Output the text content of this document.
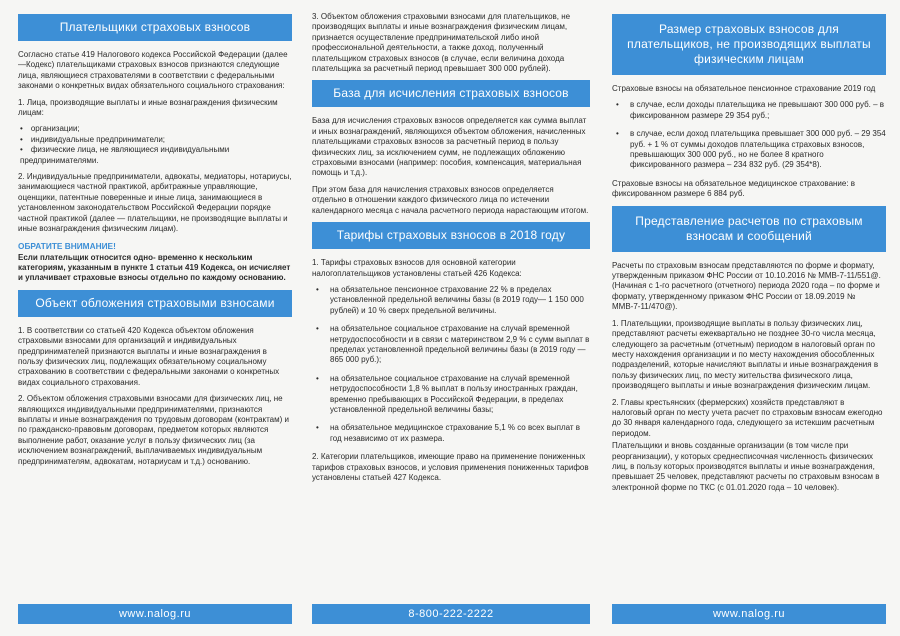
Плательщики страховых взносов

Согласно статье 419 Налогового кодекса Российской Федерации (далее—Кодекс) плательщиками страховых взносов признаются следующие лица, являющиеся страхователями в соответствии с федеральными законами о конкретных видах обязательного социального страхования:

1. Лица, производящие выплаты и иные вознаграждения физическим лицам:

• организации;
• индивидуальные предприниматели;
• физические лица, не являющиеся индивидуальными предпринимателями.

2. Индивидуальные предприниматели, адвокаты, медиаторы, нотариусы, занимающиеся частной практикой, арбитражные управляющие, оценщики, патентные поверенные и иные лица, занимающиеся в установленном законодательством Российской Федерации порядке частной практикой (далее — плательщики, не производящие выплаты и иные вознаграждения физическим лицам).

ОБРАТИТЕ ВНИМАНИЕ!

Если плательщик относится одно- временно к нескольким категориям, указанным в пункте 1 статьи 419 Кодекса, он исчисляет и уплачивает страховые взносы отдельно по каждому основанию.

Объект обложения страховыми взносами

1. В соответствии со статьей 420 Кодекса объектом обложения страховыми взносами для организаций и индивидуальных предпринимателей признаются выплаты и иные вознаграждения в пользу физических лиц, подлежащих обязательному социальному страхованию в соответствии с федеральными законами о конкретных видах социального страхования.

2. Объектом обложения страховыми взносами для физических лиц, не являющихся индивидуальными предпринимателями, признаются выплаты и иные вознаграждения по трудовым договорам (контрактам) и по гражданско-правовым договорам, предметом которых являются выполнение работ, оказание услуг в пользу физических лиц (за исключением вознаграждений, выплачиваемых индивидуальным предпринимателям, адвокатам, нотариусам и т.д.) основанию.

www.nalog.ru

3. Объектом обложения страховыми взносами для плательщиков, не производящих выплаты и иные вознаграждения физическим лицам, признается осуществление предпринимательской либо иной профессиональной деятельности, а также доход, полученный плательщиком страховых взносов (в случае, если величина дохода плательщика за расчетный период превышает 300 000 рублей).

База для исчисления страховых взносов

База для исчисления страховых взносов определяется как сумма выплат и иных вознаграждений, являющихся объектом обложения, начисленных плательщиками страховых взносов за расчетный период в пользу физических лиц, за исключением сумм, не подлежащих обложению страховыми взносами (например: пособия, компенсация, материальная помощь и т.д.).

При этом база для начисления страховых взносов определяется отдельно в отношении каждого физического лица по истечении календарного месяца с начала расчетного периода нарастающим итогом.

Тарифы страховых взносов в 2018 году

1. Тарифы страховых взносов для основной категории налогоплательщиков установлены статьей 426 Кодекса:

• на обязательное пенсионное страхование 22 % в пределах установленной предельной величины базы (в 2019 году— 1 150 000 рублей) и 10 % сверх предельной величины.
• на обязательное социальное страхование на случай временной нетрудоспособности и в связи с материнством 2,9 % с сумм выплат в пределах установленной предельной величины базы (в 2019 году — 865 000 руб.);
• на обязательное социальное страхование на случай временной нетрудоспособности 1,8 % выплат в пользу иностранных граждан, временно пребывающих в Российской Федерации, в пределах установленной предельной величины базы;
• на обязательное медицинское страхование 5,1 % со всех выплат в год независимо от их размера.

2. Категории плательщиков, имеющие право на применение пониженных тарифов страховых взносов, и условия применения пониженных тарифов установлены статьей 427 Кодекса.

8-800-222-2222
Размер страховых взносов для плательщиков, не производящих выплаты физическим лицам

Страховые взносы на обязательное пенсионное страхование 2019 год

• в случае, если доходы плательщика не превышают 300 000 руб. – в фиксированном размере 29 354 руб.;
• в случае, если доход плательщика превышает 300 000 руб. – 29 354 руб. + 1 % от суммы доходов плательщика страховых взносов, превышающих 300 000 руб., но не более 8 кратного фиксированного размера – 234 832 руб. (29 354*8).

Страховые взносы на обязательное медицинское страхование: в фиксированном размере 6 884 руб.

Представление расчетов по страховым взносам и сообщений

Расчеты по страховым взносам представляются по форме и формату, утвержденным приказом ФНС России от 10.10.2016 № ММВ-7-11/551@. (Начиная с 1-го расчетного (отчетного) периода 2020 года – по форме и формату, утвержденному приказом ФНС России от 18.09.2019 № ММВ-7-11/470@).

1. Плательщики, производящие выплаты в пользу физических лиц, представляют расчеты ежеквартально не позднее 30-го числа месяца, следующего за расчетным (отчетным) периодом в налоговый орган по месту нахождения организации и по месту нахождения обособленных подразделений, которые начисляют выплаты и иные вознаграждения в пользу физических лиц, по месту жительства физического лица, производящего выплаты и иные вознаграждения физическим лицам.

2. Главы крестьянских (фермерских) хозяйств представляют в налоговый орган по месту учета расчет по страховым взносам ежегодно до 30 января календарного года, следующего за истекшим расчетным периодом.

Плательщики и вновь созданные организации (в том числе при реорганизации), у которых среднесписочная численность физических лиц, в пользу которых производятся выплаты и иные вознаграждения, превышает 25 человек, представляют расчеты по страховым взносам в электронной форме по ТКС (с 01.01.2020 года – 10 человек).

www.nalog.ru
